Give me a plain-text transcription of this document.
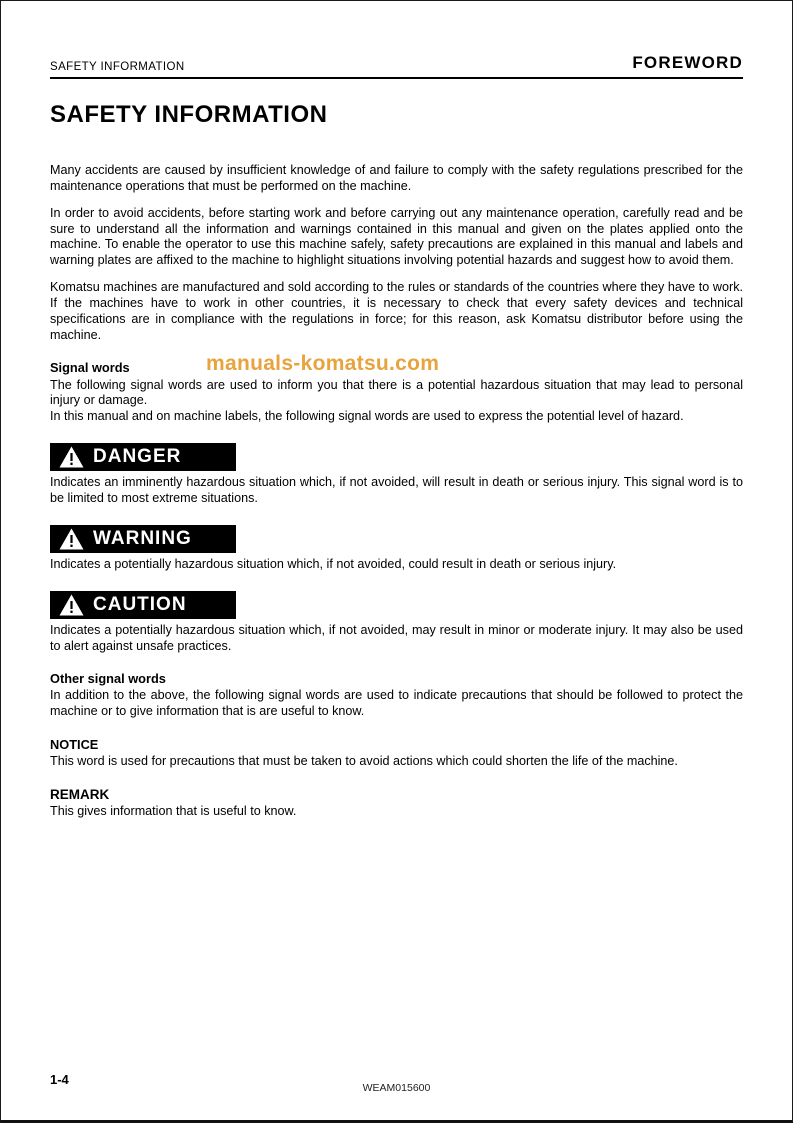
SAFETY INFORMATION	FOREWORD
SAFETY INFORMATION

Many accidents are caused by insufficient knowledge of and failure to comply with the safety regulations prescribed for the maintenance operations that must be performed on the machine.

In order to avoid accidents, before starting work and before carrying out any maintenance operation, carefully read and be sure to understand all the information and warnings contained in this manual and given on the plates applied onto the machine. To enable the operator to use this machine safely, safety precautions are explained in this manual and labels and warning plates are affixed to the machine to highlight situations involving potential hazards and suggest how to avoid them.

Komatsu machines are manufactured and sold according to the rules or standards of the countries where they have to work. If the machines have to work in other countries, it is necessary to check that every safety devices and technical specifications are in compliance with the regulations in force; for this reason, ask Komatsu distributor before using the machine.

manuals-komatsu.com
Signal words

The following signal words are used to inform you that there is a potential hazardous situation that may lead to personal injury or damage.

In this manual and on machine labels, the following signal words are used to express the potential level of hazard.

DANGER

Indicates an imminently hazardous situation which, if not avoided, will result in death or serious injury. This signal word is to be limited to most extreme situations.

WARNING

Indicates a potentially hazardous situation which, if not avoided, could result in death or serious injury.

CAUTION

Indicates a potentially hazardous situation which, if not avoided, may result in minor or moderate injury. It may also be used to alert against unsafe practices.

Other signal words

In addition to the above, the following signal words are used to indicate precautions that should be followed to protect the machine or to give information that is are useful to know.

NOTICE

This word is used for precautions that must be taken to avoid actions which could shorten the life of the machine.

REMARK

This gives information that is useful to know.

1-4
WEAM015600
